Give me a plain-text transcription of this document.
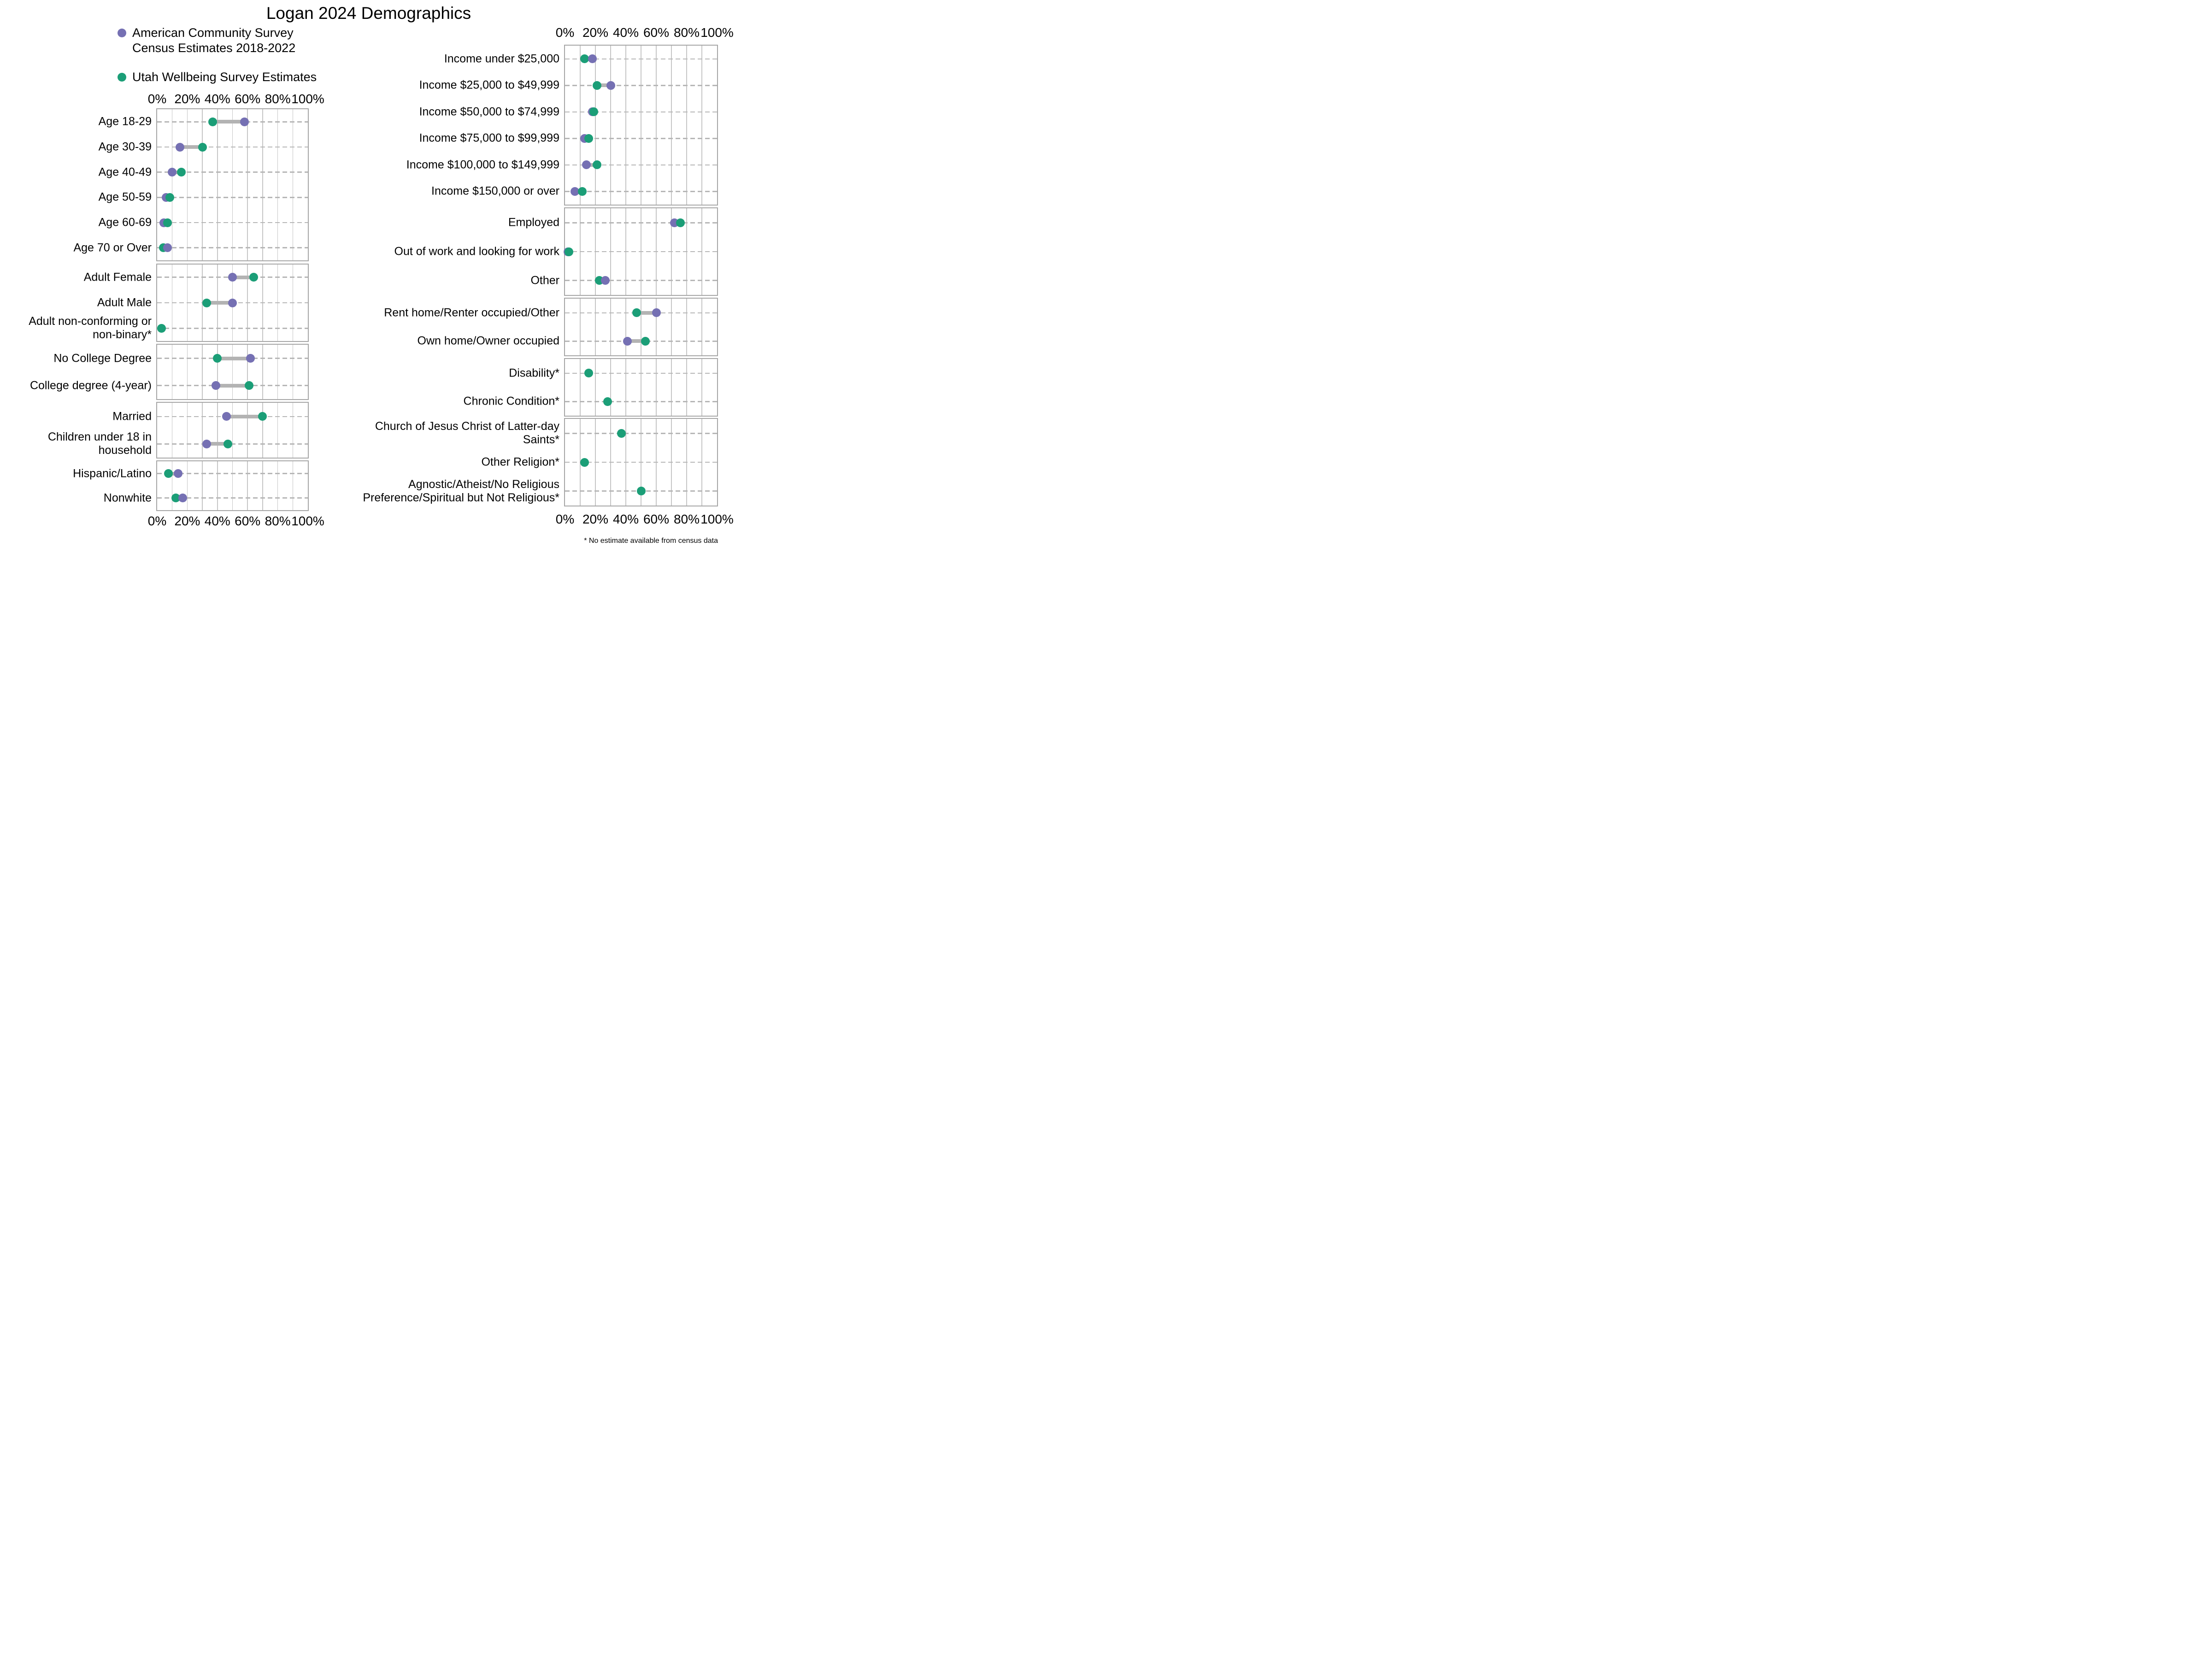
Logan 2024 Demographics
American Community Survey
Census Estimates 2018-2022
Utah Wellbeing Survey Estimates
0% 20% 40% 60% 80% 100%
0% 20% 40% 60% 80% 100%
0% 20% 40% 60% 80% 100%
0% 20% 40% 60% 80% 100%
* No estimate available from census data
Age 18-29
Age 30-39
Age 40-49
Age 50-59
Age 60-69
Age 70 or Over
Adult Female
Adult Male
Adult non-conforming or non-binary*
No College Degree
College degree (4-year)
Married
Children under 18 in household
Hispanic/Latino
Nonwhite
Income under $25,000
Income $25,000 to $49,999
Income $50,000 to $74,999
Income $75,000 to $99,999
Income $100,000 to $149,999
Income $150,000 or over
Employed
Out of work and looking for work
Other
Rent home/Renter occupied/Other
Own home/Owner occupied
Disability*
Chronic Condition*
Church of Jesus Christ of Latter-day Saints*
Other Religion*
Agnostic/Atheist/No Religious Preference/Spiritual but Not Religious*
